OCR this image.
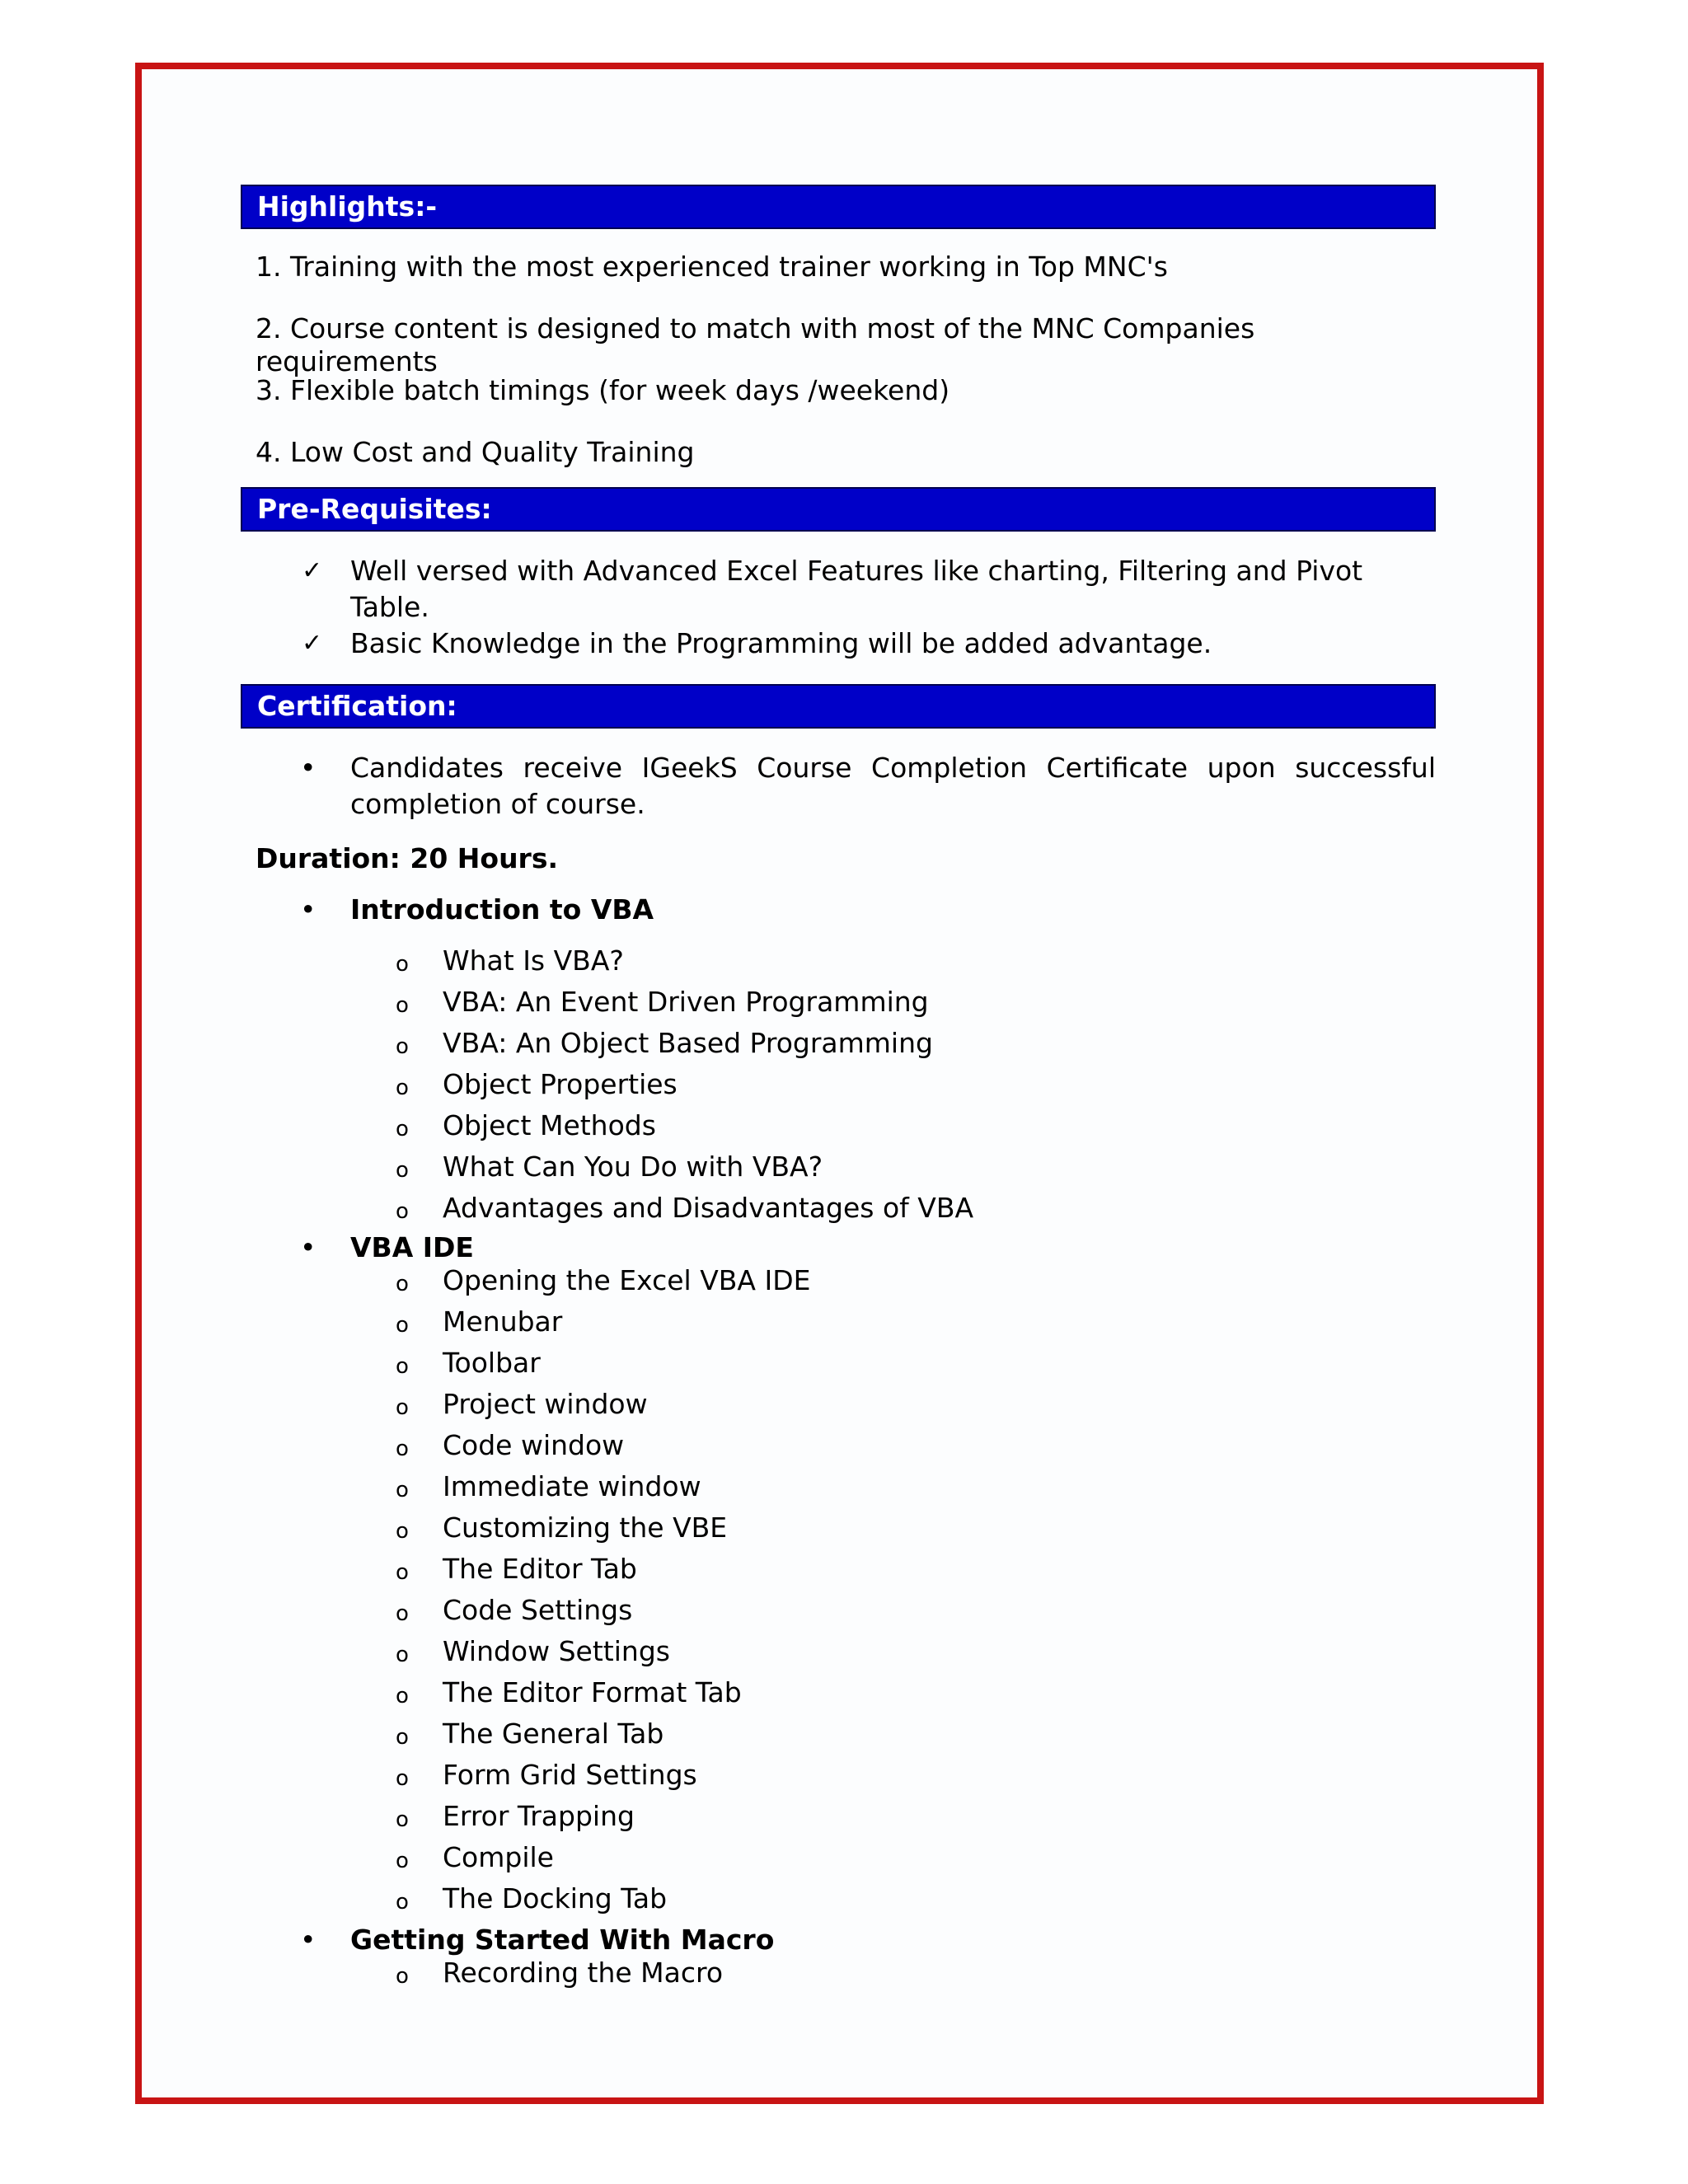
Highlights:-
1. Training with the most experienced trainer working in Top MNC's
2. Course content is designed to match with most of the MNC Companies requirements
3. Flexible batch timings (for week days /weekend)
4. Low Cost and Quality Training
Pre-Requisites:
✓ Well versed with Advanced Excel Features like charting, Filtering and Pivot Table.
✓ Basic Knowledge in the Programming will be added advantage.
Certification:
• Candidates receive IGeekS Course Completion Certificate upon successful completion of course.
Duration: 20 Hours.
• Introduction to VBA
o What Is VBA?
o VBA: An Event Driven Programming
o VBA: An Object Based Programming
o Object Properties
o Object Methods
o What Can You Do with VBA?
o Advantages and Disadvantages of VBA
• VBA IDE
o Opening the Excel VBA IDE
o Menubar
o Toolbar
o Project window
o Code window
o Immediate window
o Customizing the VBE
o The Editor Tab
o Code Settings
o Window Settings
o The Editor Format Tab
o The General Tab
o Form Grid Settings
o Error Trapping
o Compile
o The Docking Tab
• Getting Started With Macro
o Recording the Macro
